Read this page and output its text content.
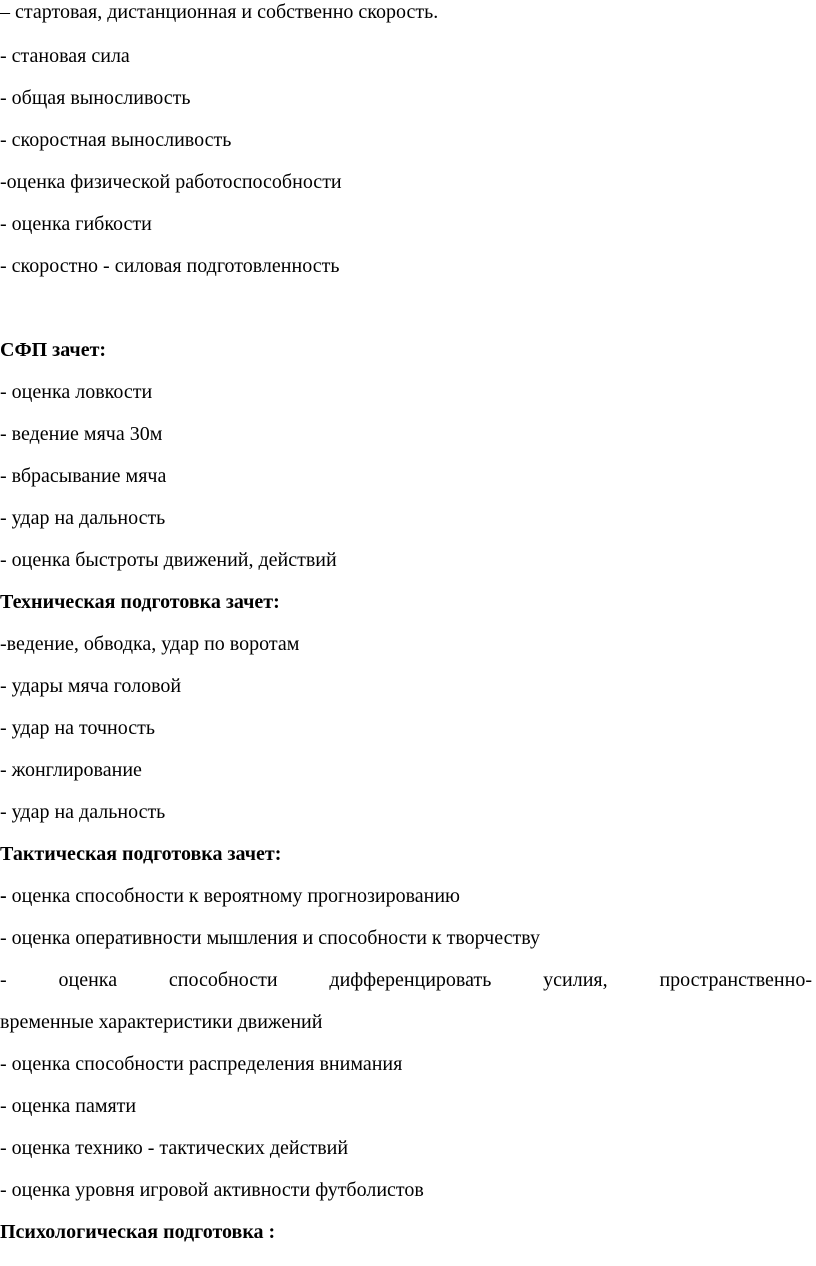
– стартовая, дистанционная и собственно скорость.
- становая сила
- общая выносливость
- скоростная выносливость
-оценка физической работоспособности
- оценка гибкости
- скоростно - силовая подготовленность
СФП зачет:
- оценка ловкости
- ведение мяча 30м
- вбрасывание мяча
- удар на дальность
- оценка быстроты движений, действий
Техническая подготовка зачет:
-ведение, обводка, удар по воротам
- удары мяча головой
- удар на точность
- жонглирование
- удар на дальность
Тактическая подготовка зачет:
- оценка способности к вероятному прогнозированию
- оценка оперативности мышления и способности к творчеству
-	оценка	способности	дифференцировать	усилия,	пространственно-
временные характеристики движений
- оценка способности распределения внимания
- оценка памяти
- оценка технико - тактических действий
- оценка уровня игровой активности футболистов
Психологическая подготовка :
